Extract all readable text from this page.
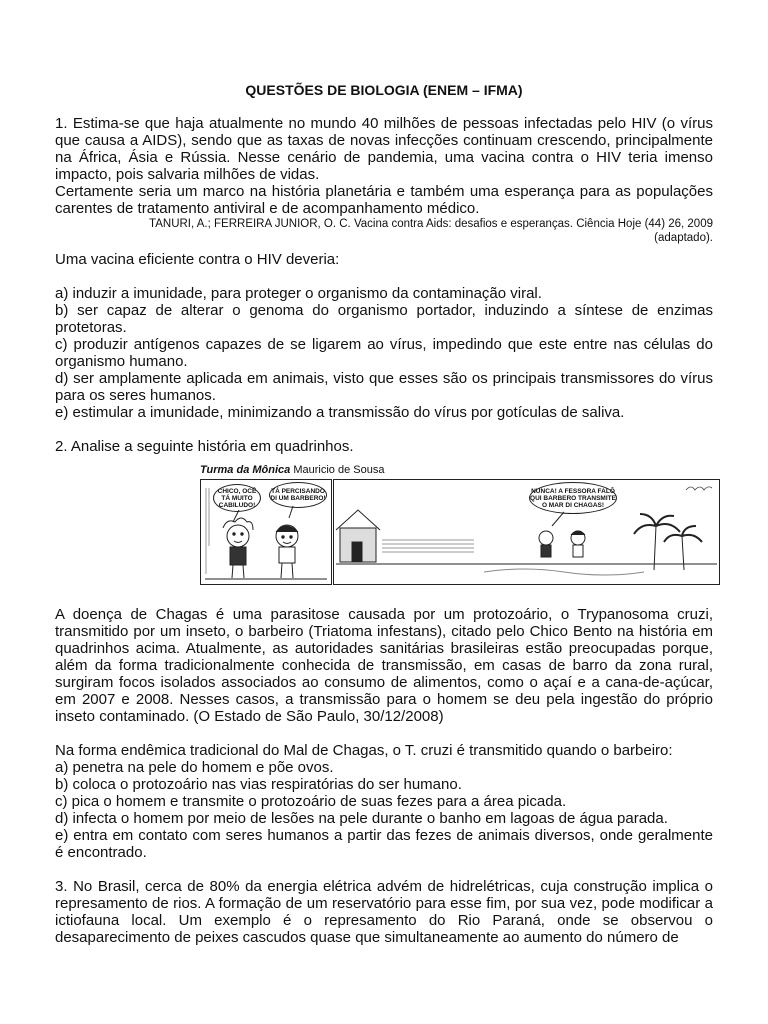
QUESTÕES DE BIOLOGIA (ENEM – IFMA)

1. Estima-se que haja atualmente no mundo 40 milhões de pessoas infectadas pelo HIV (o vírus que causa a AIDS), sendo que as taxas de novas infecções continuam crescendo, principalmente na África, Ásia e Rússia. Nesse cenário de pandemia, uma vacina contra o HIV teria imenso impacto, pois salvaria milhões de vidas.

Certamente seria um marco na história planetária e também uma esperança para as populações carentes de tratamento antiviral e de acompanhamento médico.

TANURI, A.; FERREIRA JUNIOR, O. C. Vacina contra Aids: desafios e esperanças. Ciência Hoje (44) 26, 2009
(adaptado).

Uma vacina eficiente contra o HIV deveria:

a) induzir a imunidade, para proteger o organismo da contaminação viral.

b) ser capaz de alterar o genoma do organismo portador, induzindo a síntese de enzimas protetoras.

c) produzir antígenos capazes de se ligarem ao vírus, impedindo que este entre nas células do organismo humano.

d) ser amplamente aplicada em animais, visto que esses são os principais transmissores do vírus para os seres humanos.

e) estimular a imunidade, minimizando a transmissão do vírus por gotículas de saliva.

2. Analise a seguinte história em quadrinhos.

Turma da Mônica Mauricio de Sousa
CHICO, OCÊ TÁ MUITO CABILUDO!
TÁ PERCISANDO DI UM BARBERO!
NUNCA! A FESSORA FALÔ QUI BARBERO TRANSMITE O MAR DI CHAGAS!

A doença de Chagas é uma parasitose causada por um protozoário, o Trypanosoma cruzi, transmitido por um inseto, o barbeiro (Triatoma infestans), citado pelo Chico Bento na história em quadrinhos acima. Atualmente, as autoridades sanitárias brasileiras estão preocupadas porque, além da forma tradicionalmente conhecida de transmissão, em casas de barro da zona rural, surgiram focos isolados associados ao consumo de alimentos, como o açaí e a cana-de-açúcar, em 2007 e 2008. Nesses casos, a transmissão para o homem se deu pela ingestão do próprio inseto contaminado. (O Estado de São Paulo, 30/12/2008)

Na forma endêmica tradicional do Mal de Chagas, o T. cruzi é transmitido quando o barbeiro:

a) penetra na pele do homem e põe ovos.

b) coloca o protozoário nas vias respiratórias do ser humano.

c) pica o homem e transmite o protozoário de suas fezes para a área picada.

d) infecta o homem por meio de lesões na pele durante o banho em lagoas de água parada.

e) entra em contato com seres humanos a partir das fezes de animais diversos, onde geralmente é encontrado.

3. No Brasil, cerca de 80% da energia elétrica advém de hidrelétricas, cuja construção implica o represamento de rios. A formação de um reservatório para esse fim, por sua vez, pode modificar a ictiofauna local. Um exemplo é o represamento do Rio Paraná, onde se observou o desaparecimento de peixes cascudos quase que simultaneamente ao aumento do número de
